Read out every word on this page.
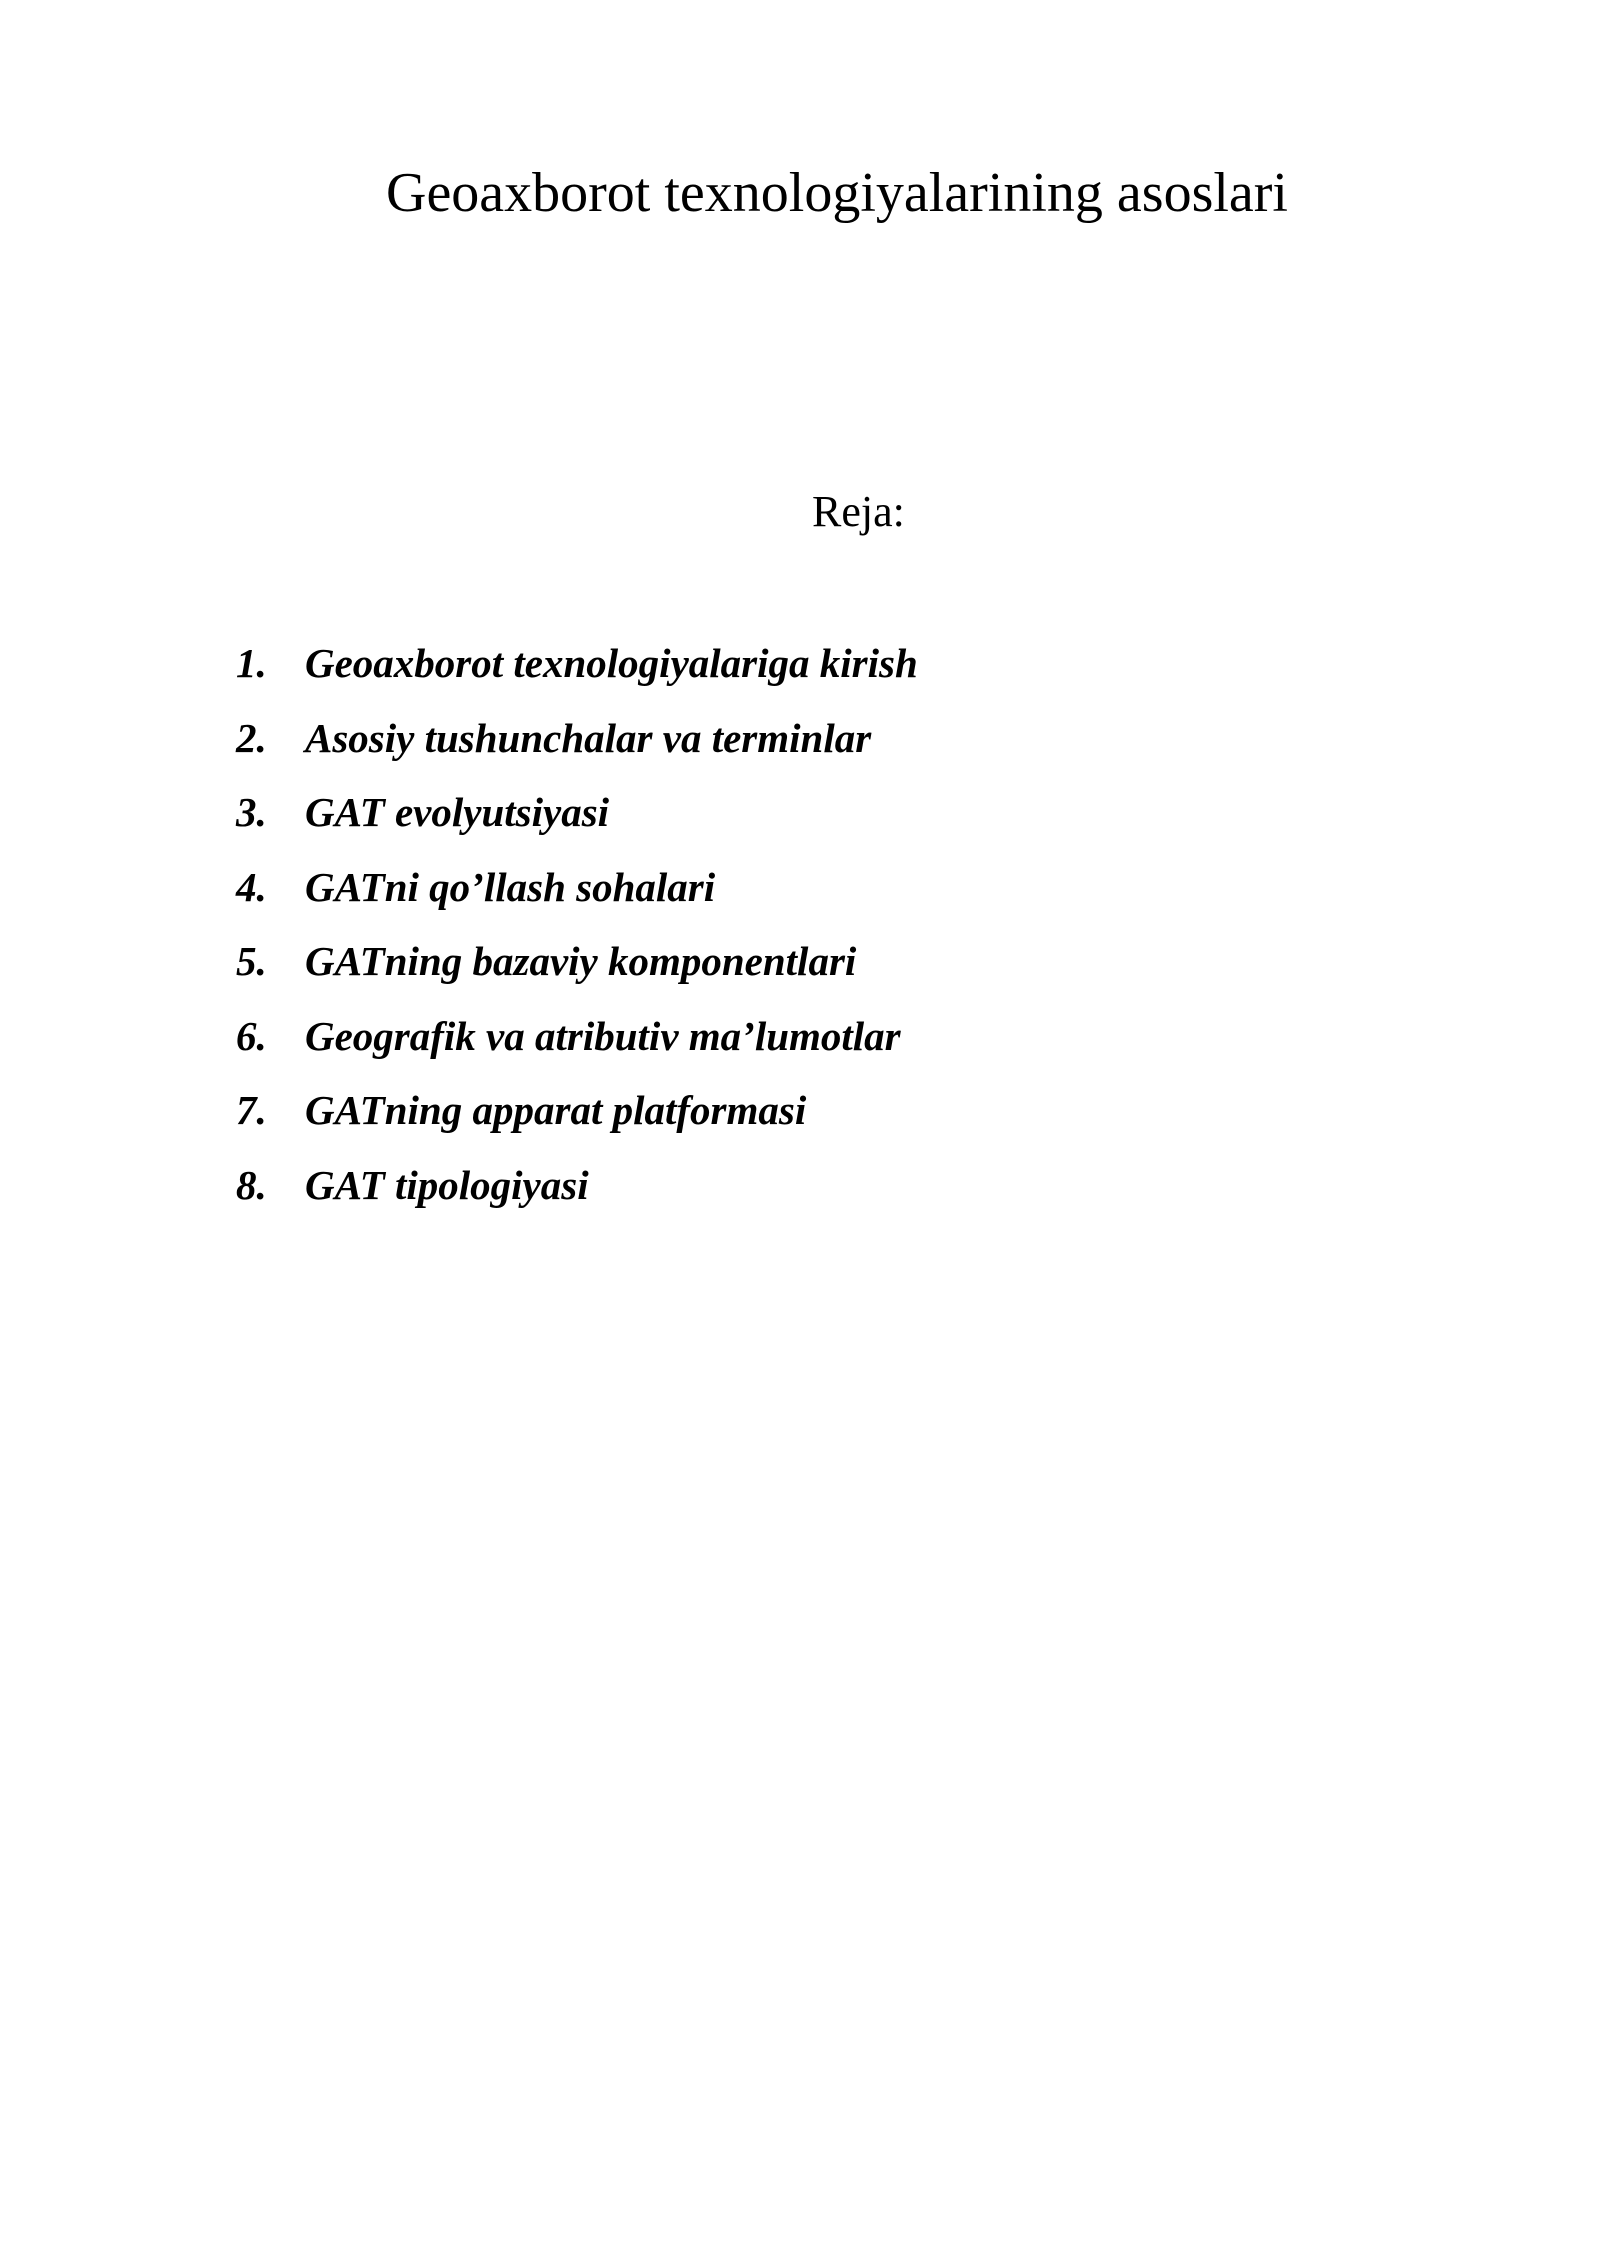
Geoaxborot texnologiyalarining asoslari
Reja:
1. Geoaxborot texnologiyalariga kirish
2. Asosiy tushunchalar va terminlar
3. GAT evolyutsiyasi
4. GATni qo’llash sohalari
5. GATning bazaviy komponentlari
6. Geografik va atributiv ma’lumotlar
7. GATning apparat platformasi
8. GAT tipologiyasi
